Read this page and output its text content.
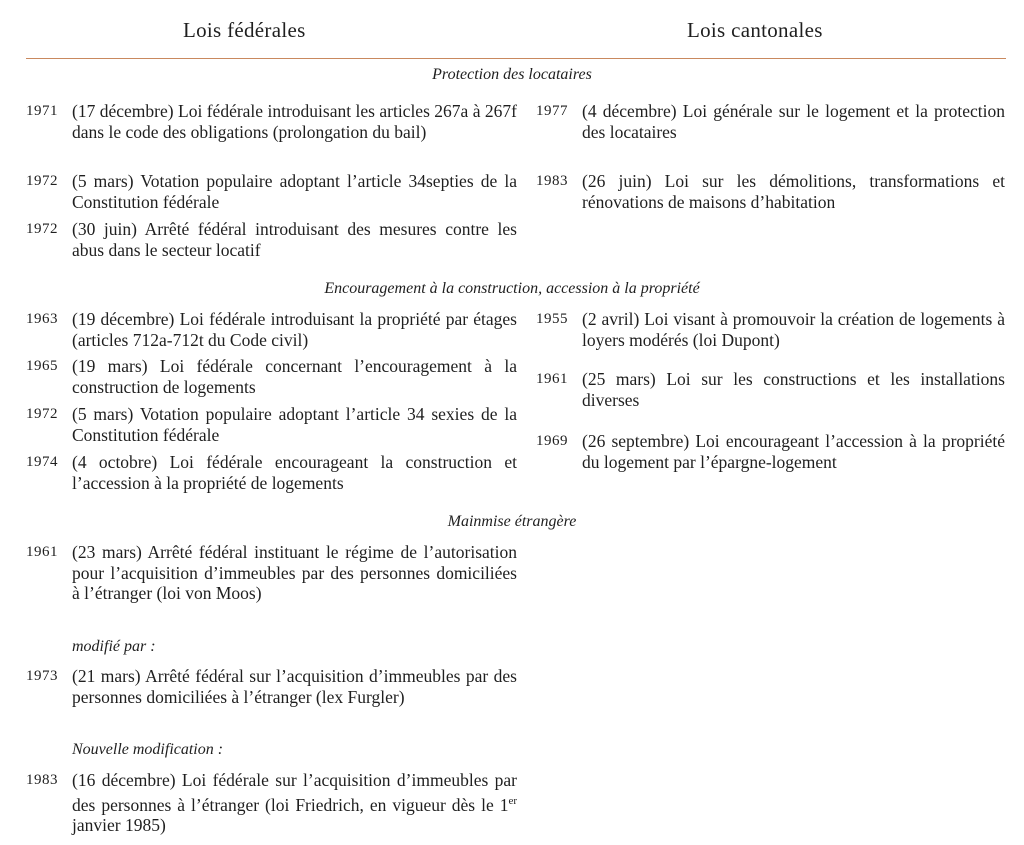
Lois fédérales	Lois cantonales
Protection des locataires
1971 (17 décembre) Loi fédérale introduisant les articles 267a à 267f dans le code des obligations (prolongation du bail)
1972 (5 mars) Votation populaire adoptant l’article 34septies de la Constitution fédérale
1972 (30 juin) Arrêté fédéral introduisant des mesures contre les abus dans le secteur locatif
1977 (4 décembre) Loi générale sur le logement et la protection des locataires
1983 (26 juin) Loi sur les démolitions, transformations et rénovations de maisons d’habitation
Encouragement à la construction, accession à la propriété
1963 (19 décembre) Loi fédérale introduisant la propriété par étages (articles 712a-712t du Code civil)
1965 (19 mars) Loi fédérale concernant l’encouragement à la construction de logements
1972 (5 mars) Votation populaire adoptant l’article 34 sexies de la Constitution fédérale
1974 (4 octobre) Loi fédérale encourageant la construction et l’accession à la propriété de logements
1955 (2 avril) Loi visant à promouvoir la création de logements à loyers modérés (loi Dupont)
1961 (25 mars) Loi sur les constructions et les installations diverses
1969 (26 septembre) Loi encourageant l’accession à la propriété du logement par l’épargne-logement
Mainmise étrangère
1961 (23 mars) Arrêté fédéral instituant le régime de l’autorisation pour l’acquisition d’immeubles par des personnes domiciliées à l’étranger (loi von Moos)
modifié par :
1973 (21 mars) Arrêté fédéral sur l’acquisition d’immeubles par des personnes domiciliées à l’étranger (lex Furgler)
Nouvelle modification :
1983 (16 décembre) Loi fédérale sur l’acquisition d’immeubles par des personnes à l’étranger (loi Friedrich, en vigueur dès le 1er janvier 1985)
